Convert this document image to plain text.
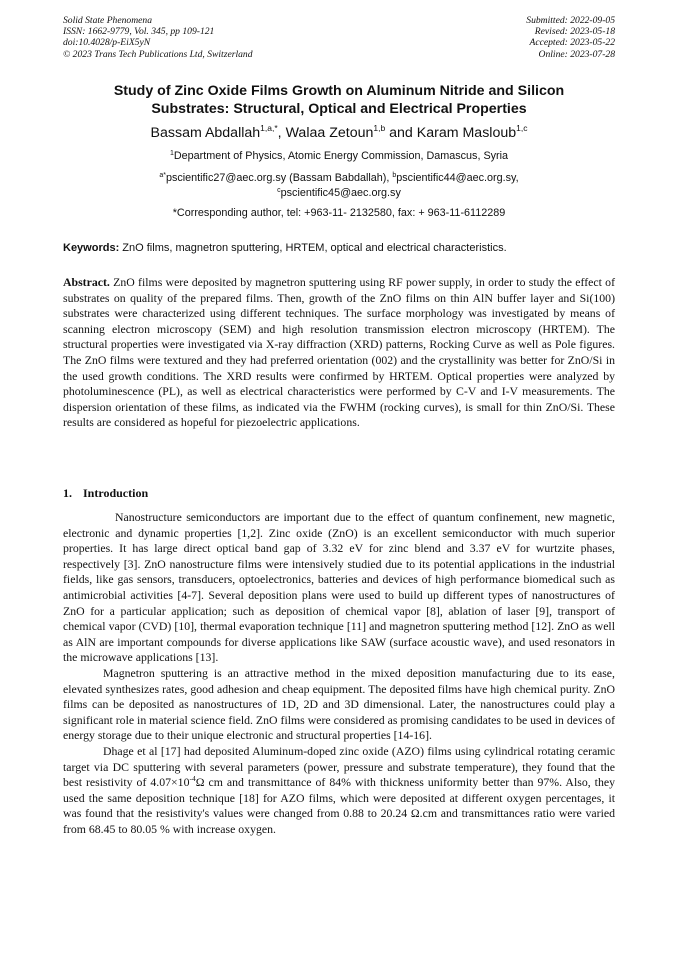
Solid State Phenomena
ISSN: 1662-9779, Vol. 345, pp 109-121
doi:10.4028/p-EiX5yN
© 2023 Trans Tech Publications Ltd, Switzerland
Submitted: 2022-09-05
Revised: 2023-05-18
Accepted: 2023-05-22
Online: 2023-07-28
Study of Zinc Oxide Films Growth on Aluminum Nitride and Silicon
Substrates: Structural, Optical and Electrical Properties
Bassam Abdallah$^{1,a,*}$, Walaa Zetoun$^{1,b}$ and Karam Masloub$^{1,c}$
$^1$Department of Physics, Atomic Energy Commission, Damascus, Syria
$^{a*}$pscientific27@aec.org.sy (Bassam Babdallah), $^b$pscientific44@aec.org.sy,
$^c$pscientific45@aec.org.sy
*Corresponding author, tel: +963-11- 2132580, fax: + 963-11-6112289
Keywords: ZnO films, magnetron sputtering, HRTEM, optical and electrical characteristics.

Abstract. ZnO films were deposited by magnetron sputtering using RF power supply, in order to study the effect of substrates on quality of the prepared films. Then, growth of the ZnO films on thin AlN buffer layer and Si(100) substrates were characterized using different techniques. The surface morphology was investigated by means of scanning electron microscopy (SEM) and high resolution transmission electron microscopy (HRTEM). The structural properties were investigated via X-ray diffraction (XRD) patterns, Rocking Curve as well as Pole figures. The ZnO films were textured and they had preferred orientation (002) and the crystallinity was better for ZnO/Si in the used growth conditions. The XRD results were confirmed by HRTEM. Optical properties were analyzed by photoluminescence (PL), as well as electrical characteristics were performed by C-V and I-V measurements. The dispersion orientation of these films, as indicated via the FWHM (rocking curves), is small for thin ZnO/Si. These results are considered as hopeful for piezoelectric applications.

1. Introduction

Nanostructure semiconductors are important due to the effect of quantum confinement, new magnetic, electronic and dynamic properties [1,2]. Zinc oxide (ZnO) is an excellent semiconductor with much superior properties. It has large direct optical band gap of 3.32 eV for zinc blend and 3.37 eV for wurtzite phases, respectively [3]. ZnO nanostructure films were intensively studied due to its potential applications in the industrial fields, like gas sensors, transducers, optoelectronics, batteries and devices of high performance biomedical such as antimicrobial activities [4-7]. Several deposition plans were used to build up different types of nanostructures of ZnO for a particular application; such as deposition of chemical vapor [8], ablation of laser [9], transport of chemical vapor (CVD) [10], thermal evaporation technique [11] and magnetron sputtering method [12]. ZnO as well as AlN are important compounds for diverse applications like SAW (surface acoustic wave), and used resonators in the microwave applications [13].

Magnetron sputtering is an attractive method in the mixed deposition manufacturing due to its ease, elevated synthesizes rates, good adhesion and cheap equipment. The deposited films have high chemical purity. ZnO films can be deposited as nanostructures of 1D, 2D and 3D dimensional. Later, the nanostructures could play a significant role in material science field. ZnO films were considered as promising candidates to be used in devices of energy storage due to their unique electronic and structural properties [14-16].

Dhage et al [17] had deposited Aluminum-doped zinc oxide (AZO) films using cylindrical rotating ceramic target via DC sputtering with several parameters (power, pressure and substrate temperature), they found that the best resistivity of $4.07\times 10^{-4}\Omega$ cm and transmittance of 84% with thickness uniformity better than 97%. Also, they used the same deposition technique [18] for AZO films, which were deposited at different oxygen percentages, it was found that the resistivity's values were changed from 0.88 to 20.24 Ω.cm and transmittances ratio were varied from 68.45 to 80.05 % with increase oxygen.
